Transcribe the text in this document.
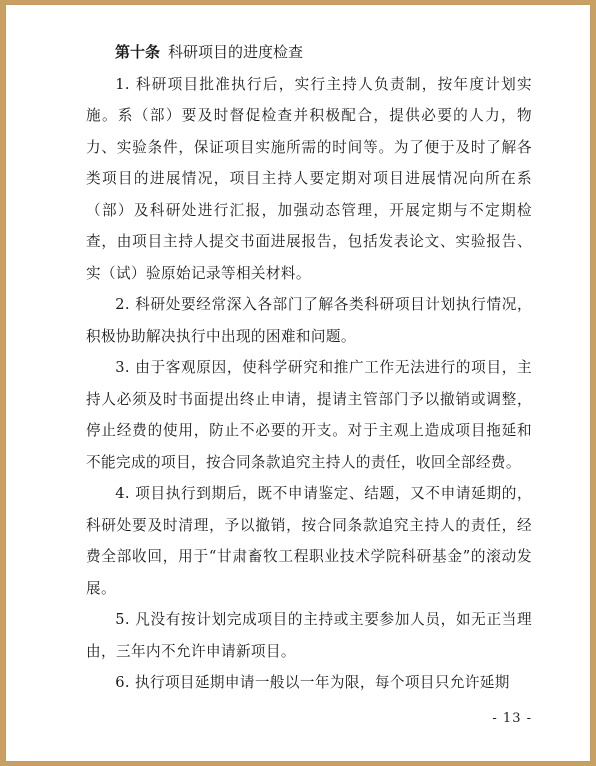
第十条 科研项目的进度检查

1. 科研项目批准执行后，实行主持人负责制，按年度计划实施。系（部）要及时督促检查并积极配合，提供必要的人力，物力、实验条件，保证项目实施所需的时间等。为了便于及时了解各类项目的进展情况，项目主持人要定期对项目进展情况向所在系（部）及科研处进行汇报，加强动态管理，开展定期与不定期检查，由项目主持人提交书面进展报告，包括发表论文、实验报告、实（试）验原始记录等相关材料。

2. 科研处要经常深入各部门了解各类科研项目计划执行情况，积极协助解决执行中出现的困难和问题。

3. 由于客观原因，使科学研究和推广工作无法进行的项目，主持人必须及时书面提出终止申请，提请主管部门予以撤销或调整，停止经费的使用，防止不必要的开支。对于主观上造成项目拖延和不能完成的项目，按合同条款追究主持人的责任，收回全部经费。

4. 项目执行到期后，既不申请鉴定、结题，又不申请延期的，科研处要及时清理，予以撤销，按合同条款追究主持人的责任，经费全部收回，用于“甘肃畜牧工程职业技术学院科研基金”的滚动发展。

5. 凡没有按计划完成项目的主持或主要参加人员，如无正当理由，三年内不允许申请新项目。

6. 执行项目延期申请一般以一年为限，每个项目只允许延期

- 13 -
